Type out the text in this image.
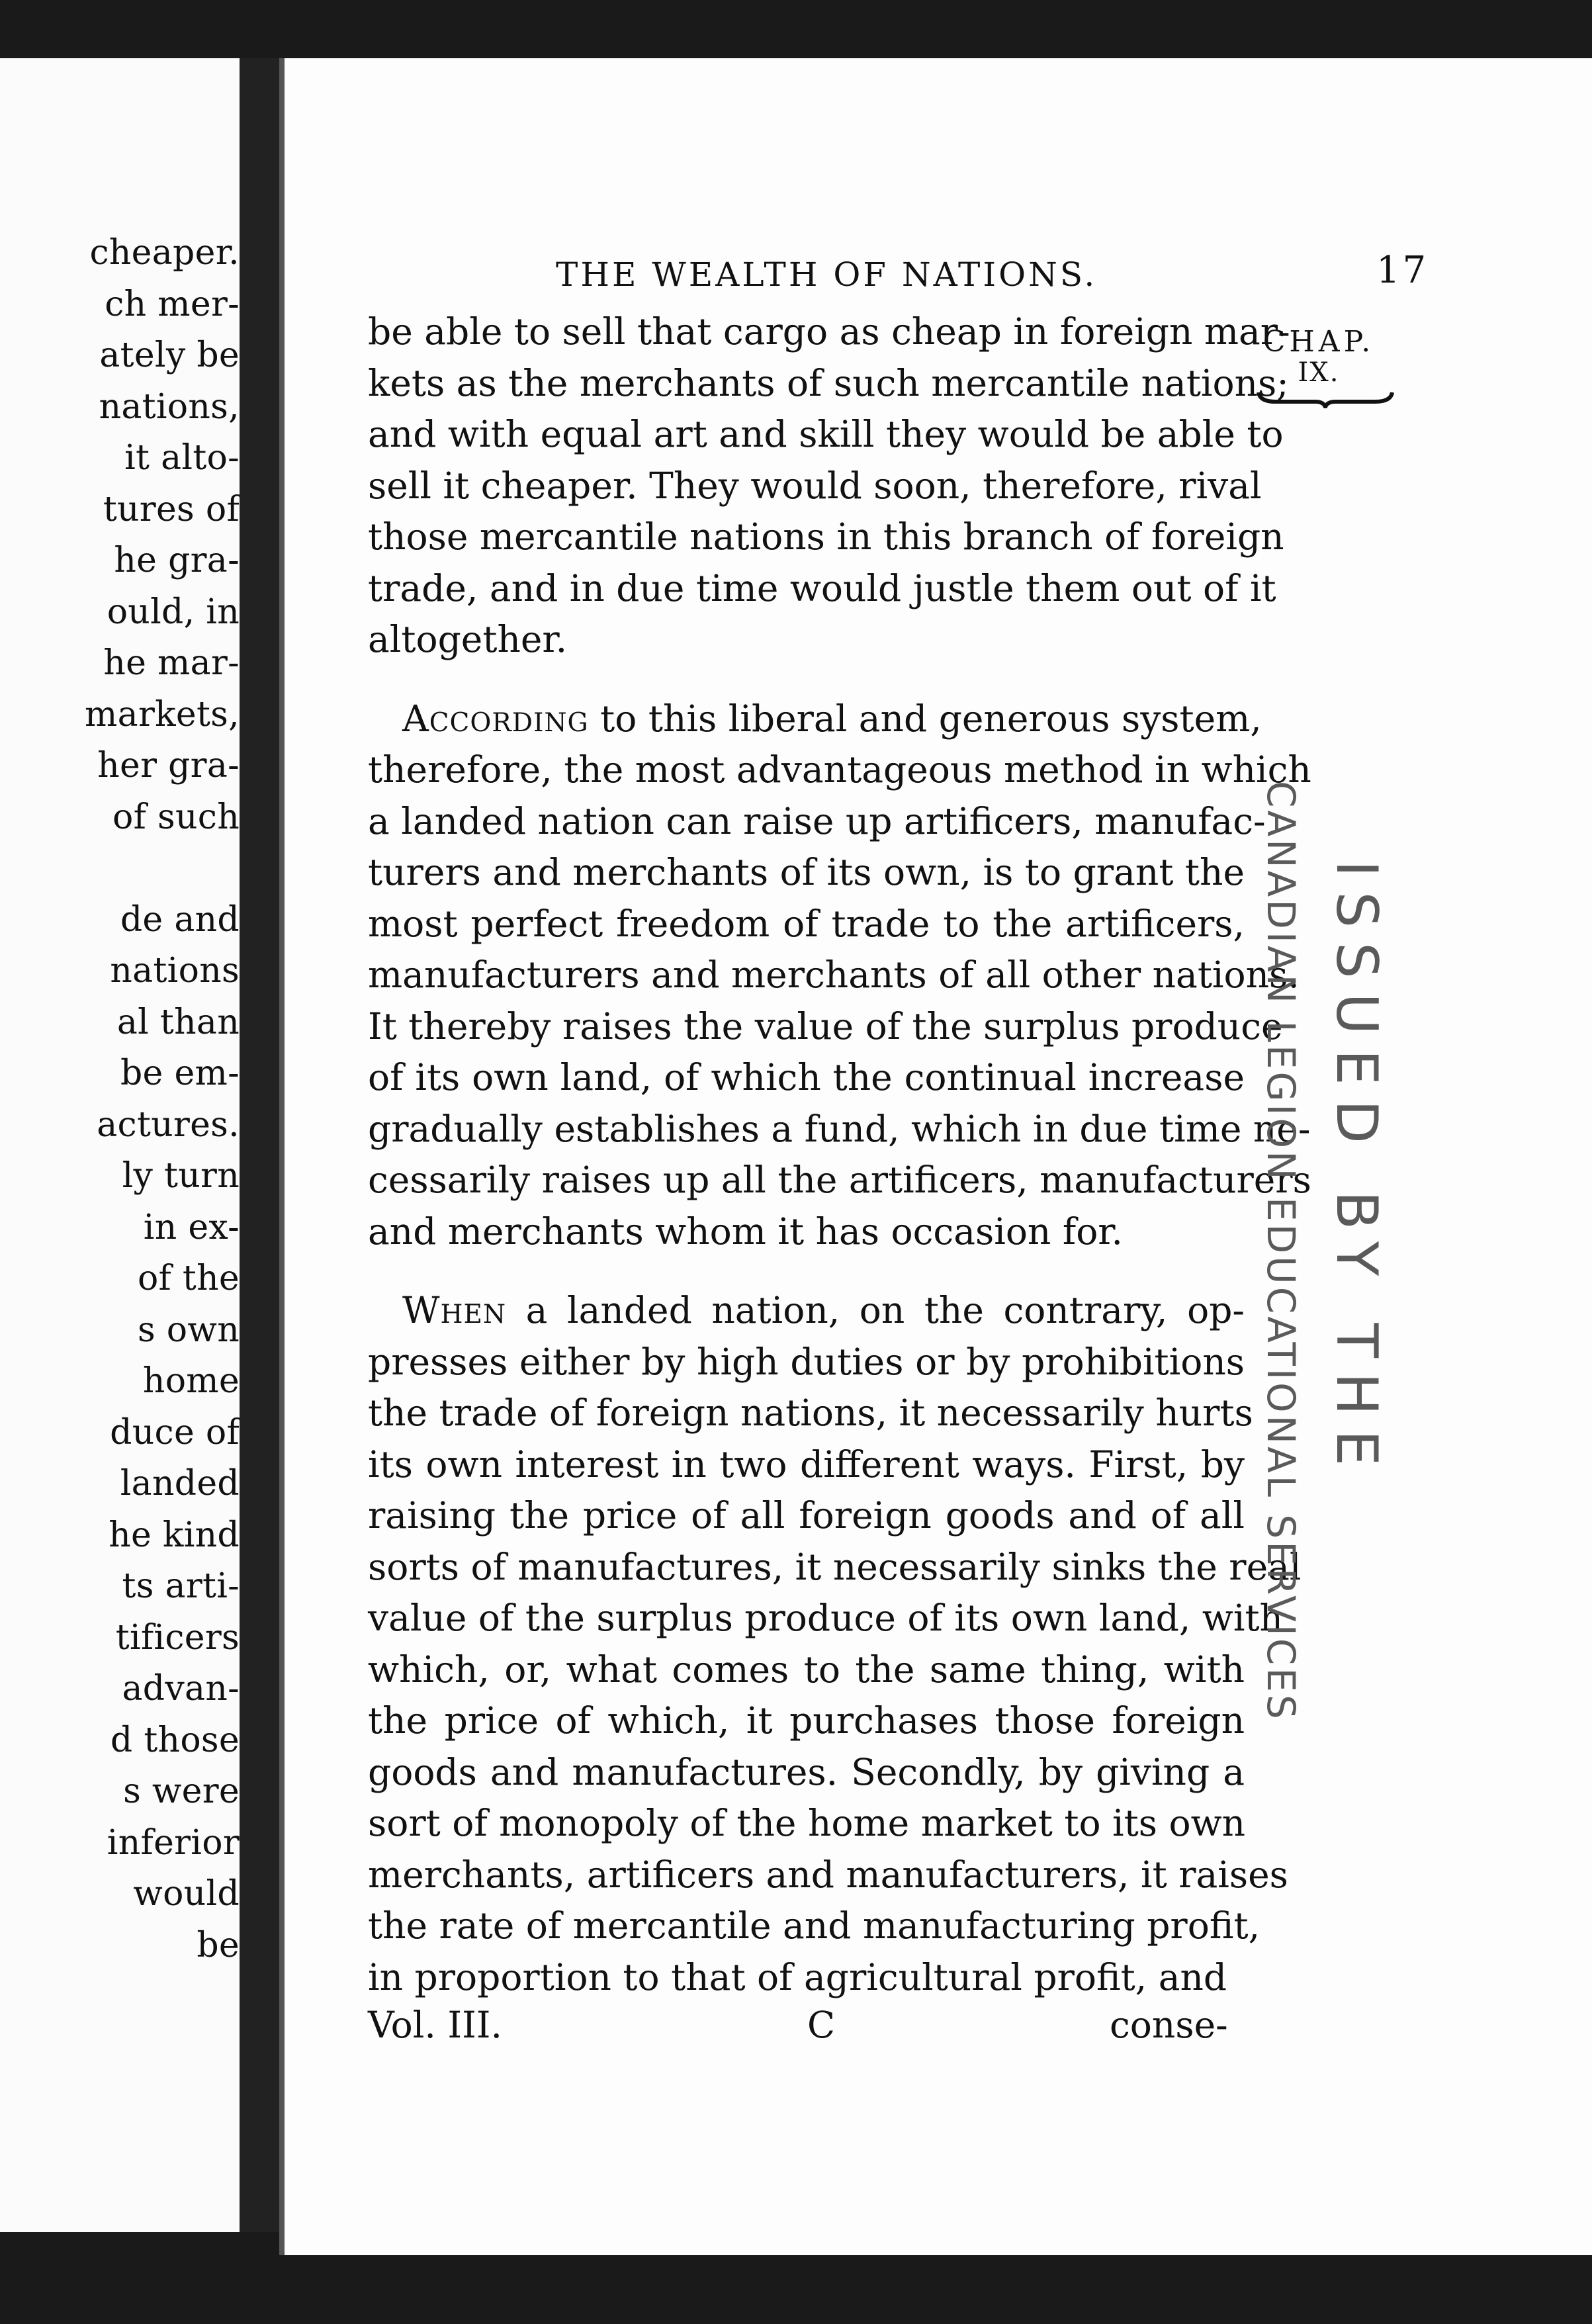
cheaper.
ch mer-
ately be
nations,
it alto-
tures of
he gra-
ould, in
he mar-
markets,
her gra-
of such
de and
nations
al than
be em-
actures.
ly turn
in ex-
of the
s own
home
duce of
landed
he kind
ts arti-
tificers
advan-
d those
s were
inferior
would
be
THE WEALTH OF NATIONS.	17
CHAP.
IX.
be able to sell that cargo as cheap in foreign mar-
kets as the merchants of such mercantile nations;
and with equal art and skill they would be able to
sell it cheaper. They would soon, therefore, rival
those mercantile nations in this branch of foreign
trade, and in due time would justle them out of it
altogether.
According to this liberal and generous system,
therefore, the most advantageous method in which
a landed nation can raise up artificers, manufac-
turers and merchants of its own, is to grant the
most perfect freedom of trade to the artificers,
manufacturers and merchants of all other nations.
It thereby raises the value of the surplus produce
of its own land, of which the continual increase
gradually establishes a fund, which in due time ne-
cessarily raises up all the artificers, manufacturers
and merchants whom it has occasion for.
When a landed nation, on the contrary, op-
presses either by high duties or by prohibitions
the trade of foreign nations, it necessarily hurts
its own interest in two different ways. First, by
raising the price of all foreign goods and of all
sorts of manufactures, it necessarily sinks the real
value of the surplus produce of its own land, with
which, or, what comes to the same thing, with
the price of which, it purchases those foreign
goods and manufactures. Secondly, by giving a
sort of monopoly of the home market to its own
merchants, artificers and manufacturers, it raises
the rate of mercantile and manufacturing profit,
in proportion to that of agricultural profit, and
Vol. III.	C	conse-
ISSUED BY THE
CANADIAN LEGION EDUCATIONAL SERVICES
